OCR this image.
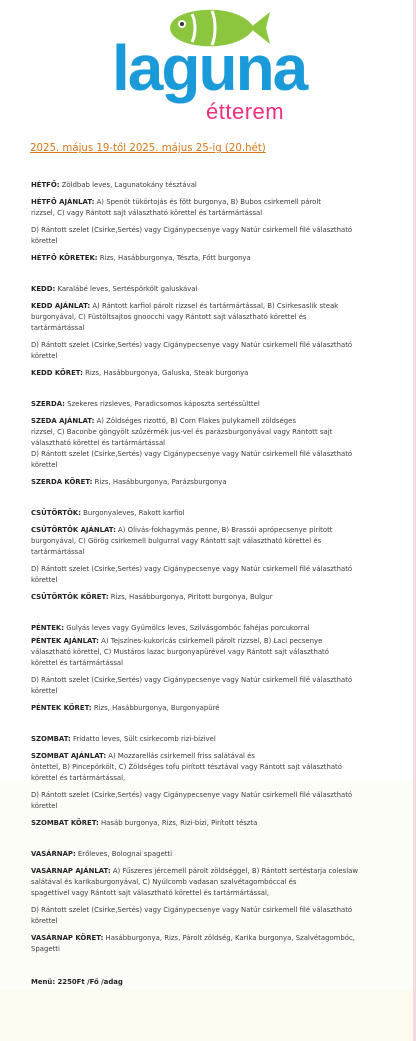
laguna
étterem
2025. május 19-től 2025. május 25-ig (20.hét)
HÉTFŐ: Zöldbab leves, Lagunatokány tésztával
HÉTFŐ AJÁNLAT: A) Spenót tükörtojás és főtt burgonya, B) Bubos csirkemell párolt
rizzsel, C) vagy Rántott sajt választható körettel és tartármártással
D) Rántott szelet (Csirke,Sertés) vagy Cigánypecsenye vagy Natúr csirkemell filé választható
körettel
HÉTFŐ KÖRETEK: Rizs, Hasábburgonya, Tészta, Főtt burgonya
KEDD: Karalábé leves, Sertéspörkölt galuskával
KEDD AJÁNLAT: A) Rántott karfiol párolt rizzsel és tartármártással, B) Csirkesaslik steak
burgonyával, C) Füstöltsajtos gnoocchi vagy Rántott sajt választható körettel és
tartármártással
D) Rántott szelet (Csirke,Sertés) vagy Cigánypecsenye vagy Natúr csirkemell filé választható
körettel
KEDD KÖRET: Rizs, Hasábburgonya, Galuska, Steak burgonya
SZERDA: Szekeres rizsleves, Paradicsomos káposzta sertéssülttel
SZEDA AJÁNLAT: A) Zöldséges rizottó, B) Corn Flakes pulykamell zöldséges
rizzsel, C) Baconbe göngyölt szűzérmék jus-vel és parázsburgonyával vagy Rántott sajt
választható körettel és tartármártással
D) Rántott szelet (Csirke,Sertés) vagy Cigánypecsenye vagy Natúr csirkemell filé választható
körettel
SZERDA KÖRET: Rizs, Hasábburgonya, Parázsburgonya
CSÜTÖRTÖK: Burgonyaleves, Rakott karfiol
CSÜTÖRTÖK AJÁNLAT: A) Olivás-fokhagymás penne, B) Brassói aprópecsenye pirított
burgonyával, C) Görög csirkemell bulgurral vagy Rántott sajt választható körettel és
tartármártással
D) Rántott szelet (Csirke,Sertés) vagy Cigánypecsenye vagy Natúr csirkemell filé választható
körettel
CSÜTÖRTÖK KÖRET: Rizs, Hasábburgonya, Pirított burgonya, Bulgur
PÉNTEK: Gulyás leves vagy Gyümölcs leves, Szilvásgombóc fahéjas porcukorral
PÉNTEK AJÁNLAT: A) Tejszínes-kukoricás csirkemell párolt rizzsel, B) Laci pecsenye
választható körettel, C) Mustáros lazac burgonyapürével vagy Rántott sajt választható
körettel és tartármártással
D) Rántott szelet (Csirke,Sertés) vagy Cigánypecsenye vagy Natúr csirkemell filé választható
körettel
PÉNTEK KÖRET: Rizs, Hasábburgonya, Burgonyapüré
SZOMBAT: Fridatto leves, Sült csirkecomb rizi-bizivel
SZOMBAT AJÁNLAT: A) Mozzarellás csirkemell friss salátával és
öntettel, B) Pincepörkölt, C) Zöldséges tofu pirított tésztával vagy Rántott sajt választható
körettel és tartármártással,
D) Rántott szelet (Csirke,Sertés) vagy Cigánypecsenye vagy Natúr csirkemell filé választható
körettel
SZOMBAT KÖRET: Hasáb burgonya, Rizs, Rizi-bizi, Pirított tészta
VASÁRNAP: Erőleves, Bolognai spagetti
VASÁRNAP AJÁNLAT: A) Fűszeres jércemell párolt zöldséggel, B) Rántott sertéstarja coleslaw
salátával és karikaburgonyával, C) Nyúlcomb vadasan szalvétagombóccal és
spagettivel vagy Rántott sajt választható körettel és tartármártással,
D) Rántott szelet (Csirke,Sertés) vagy Cigánypecsenye vagy Natúr csirkemell filé választható
körettel
VASÁRNAP KÖRET: Hasábburgonya, Rizs, Párolt zöldség, Karika burgonya, Szalvétagombóc,
Spagetti
Menü: 2250Ft /Fő /adag
